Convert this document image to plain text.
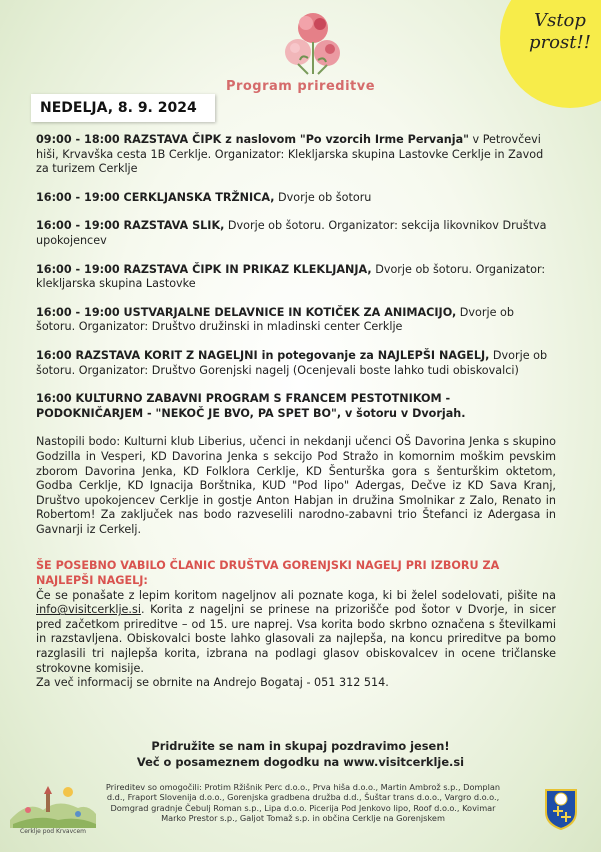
Vstop
prost!!
Program prireditve
NEDELJA, 8. 9. 2024
09:00 - 18:00 RAZSTAVA ČIPK z naslovom "Po vzorcih Irme Pervanja" v Petrovčevi hiši, Krvavška cesta 1B Cerklje. Organizator: Klekljarska skupina Lastovke Cerklje in Zavod za turizem Cerklje
16:00 - 19:00 CERKLJANSKA TRŽNICA, Dvorje ob šotoru
16:00 - 19:00 RAZSTAVA SLIK, Dvorje ob šotoru. Organizator: sekcija likovnikov Društva upokojencev
16:00 - 19:00 RAZSTAVA ČIPK IN PRIKAZ KLEKLJANJA, Dvorje ob šotoru. Organizator: klekljarska skupina Lastovke
16:00 - 19:00 USTVARJALNE DELAVNICE IN KOTIČEK ZA ANIMACIJO, Dvorje ob šotoru. Organizator: Društvo družinski in mladinski center Cerklje
16:00 RAZSTAVA KORIT Z NAGELJNI in potegovanje za NAJLEPŠI NAGELJ, Dvorje ob šotoru. Organizator: Društvo Gorenjski nagelj (Ocenjevali boste lahko tudi obiskovalci)
16:00 KULTURNO ZABAVNI PROGRAM S FRANCEM PESTOTNIKOM - PODOKNIČARJEM - "NEKOČ JE BVO, PA SPET BO", v šotoru v Dvorjah.

Nastopili bodo: Kulturni klub Liberius, učenci in nekdanji učenci OŠ Davorina Jenka s skupino Godzilla in Vesperi, KD Davorina Jenka s sekcijo Pod Stražo in komornim moškim pevskim zborom Davorina Jenka, KD Folklora Cerklje, KD Šenturška gora s šenturškim oktetom, Godba Cerklje, KD Ignacija Borštnika, KUD "Pod lipo" Adergas, Dečve iz KD Sava Kranj, Društvo upokojencev Cerklje in gostje Anton Habjan in družina Smolnikar z Zalo, Renato in Robertom! Za zaključek nas bodo razveselili narodno-zabavni trio Štefanci iz Adergasa in Gavnarji iz Cerkelj.

ŠE POSEBNO VABILO ČLANIC DRUŠTVA GORENJSKI NAGELJ PRI IZBORU ZA NAJLEPŠI NAGELJ:

Če se ponašate z lepim koritom nageljnov ali poznate koga, ki bi želel sodelovati, pišite na info@visitcerklje.si. Korita z nageljni se prinese na prizorišče pod šotor v Dvorje, in sicer pred začetkom prireditve – od 15. ure naprej. Vsa korita bodo skrbno označena s številkami in razstavljena. Obiskovalci boste lahko glasovali za najlepša, na koncu prireditve pa bomo razglasili tri najlepša korita, izbrana na podlagi glasov obiskovalcev in ocene tričlanske strokovne komisije.

Za več informacij se obrnite na Andrejo Bogataj - 051 312 514.

Pridružite se nam in skupaj pozdravimo jesen!
Več o posameznem dogodku na www.visitcerklje.si
Cerklje pod Krvavcem
Prireditev so omogočili: Protim Ržišnik Perc d.o.o., Prva hiša d.o.o., Martin Ambrož s.p., Domplan d.d., Fraport Slovenija d.o.o., Gorenjska gradbena družba d.d., Šuštar trans d.o.o., Vargro d.o.o., Domgrad gradnje Čebulj Roman s.p., Lipa d.o.o. Picerija Pod Jenkovo lipo, Roof d.o.o., Kovimar Marko Prestor s.p., Galjot Tomaž s.p. in občina Cerklje na Gorenjskem
